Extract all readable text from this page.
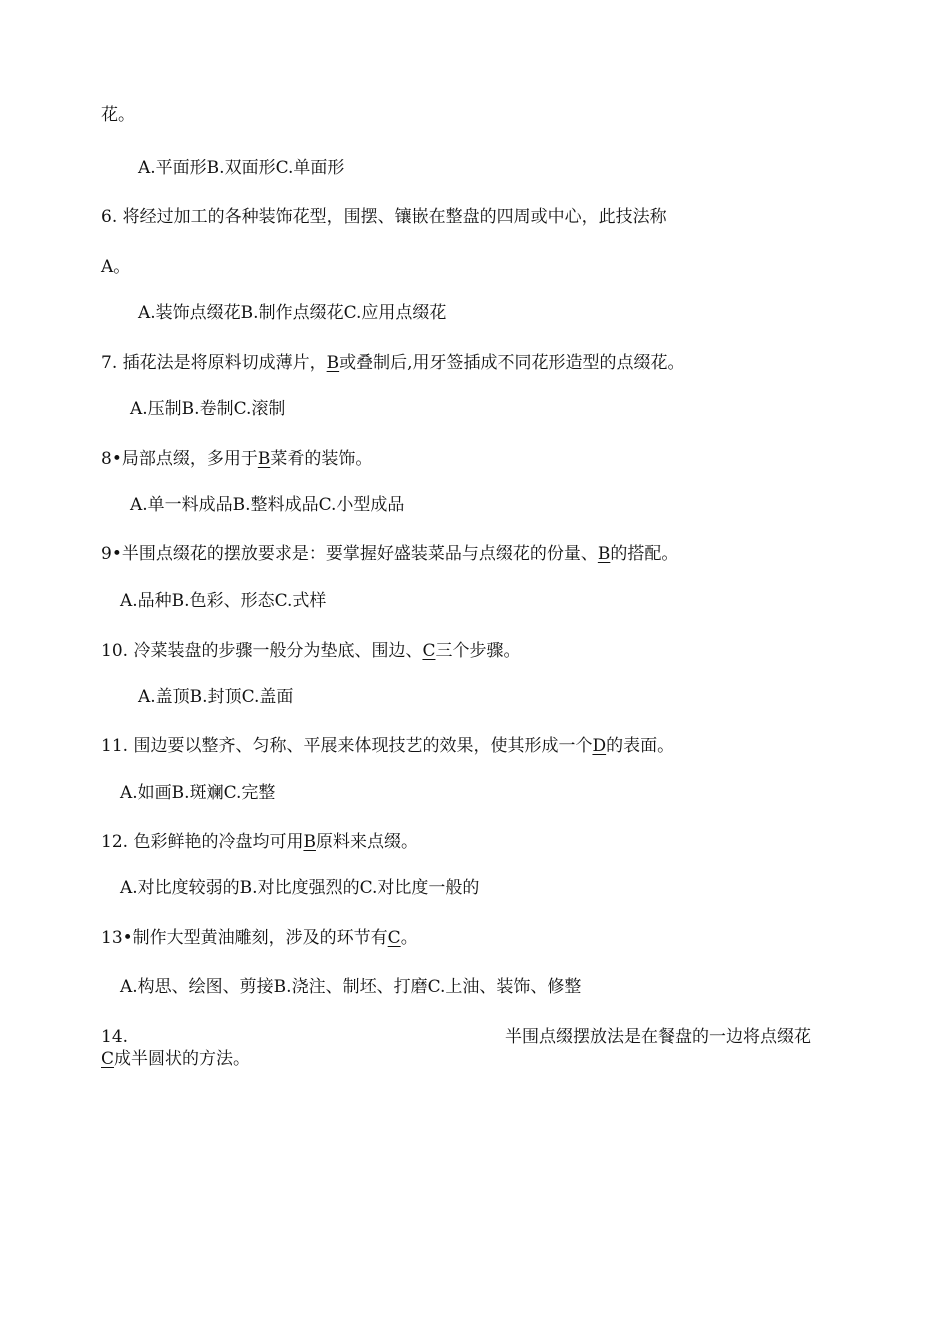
花。
A.平面形B.双面形C.单面形
6. 将经过加工的各种装饰花型，围摆、镶嵌在整盘的四周或中心，此技法称
A。
A.装饰点缀花B.制作点缀花C.应用点缀花
7. 插花法是将原料切成薄片，B或叠制后,用牙签插成不同花形造型的点缀花。
A.压制B.卷制C.滚制
8•局部点缀，多用于B菜肴的装饰。
A.单一料成品B.整料成品C.小型成品
9•半围点缀花的摆放要求是：要掌握好盛装菜品与点缀花的份量、B的搭配。
A.品种B.色彩、形态C.式样
10. 冷菜装盘的步骤一般分为垫底、围边、C三个步骤。
A.盖顶B.封顶C.盖面
11. 围边要以整齐、匀称、平展来体现技艺的效果，使其形成一个D的表面。
A.如画B.斑斓C.完整
12. 色彩鲜艳的冷盘均可用B原料来点缀。
A.对比度较弱的B.对比度强烈的C.对比度一般的
13•制作大型黄油雕刻，涉及的环节有C。
A.构思、绘图、剪接B.浇注、制坯、打磨C.上油、装饰、修整
14.	半围点缀摆放法是在餐盘的一边将点缀花
C成半圆状的方法。
